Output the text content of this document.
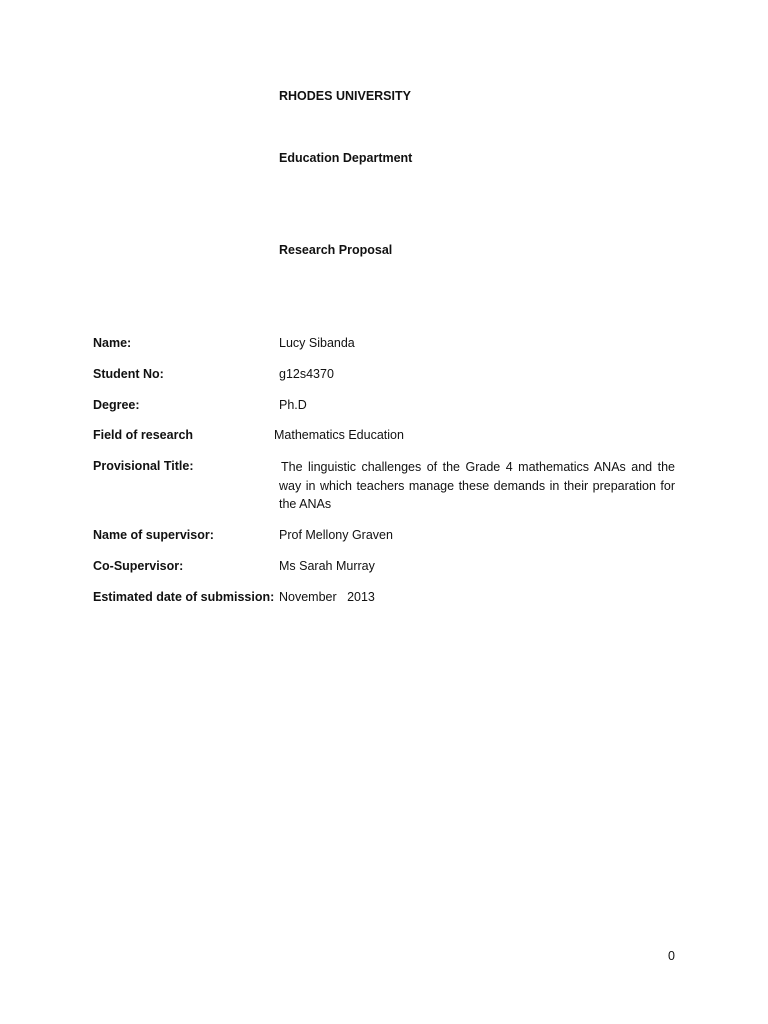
RHODES UNIVERSITY
Education Department
Research Proposal
Name:	Lucy Sibanda
Student No:	g12s4370
Degree:	Ph.D
Field of research	Mathematics Education
Provisional Title:	The linguistic challenges of the Grade 4 mathematics ANAs and the way in which teachers manage these demands in their preparation for the ANAs
Name of supervisor:	Prof Mellony Graven
Co-Supervisor:	Ms Sarah Murray
Estimated date of submission: November   2013
0
